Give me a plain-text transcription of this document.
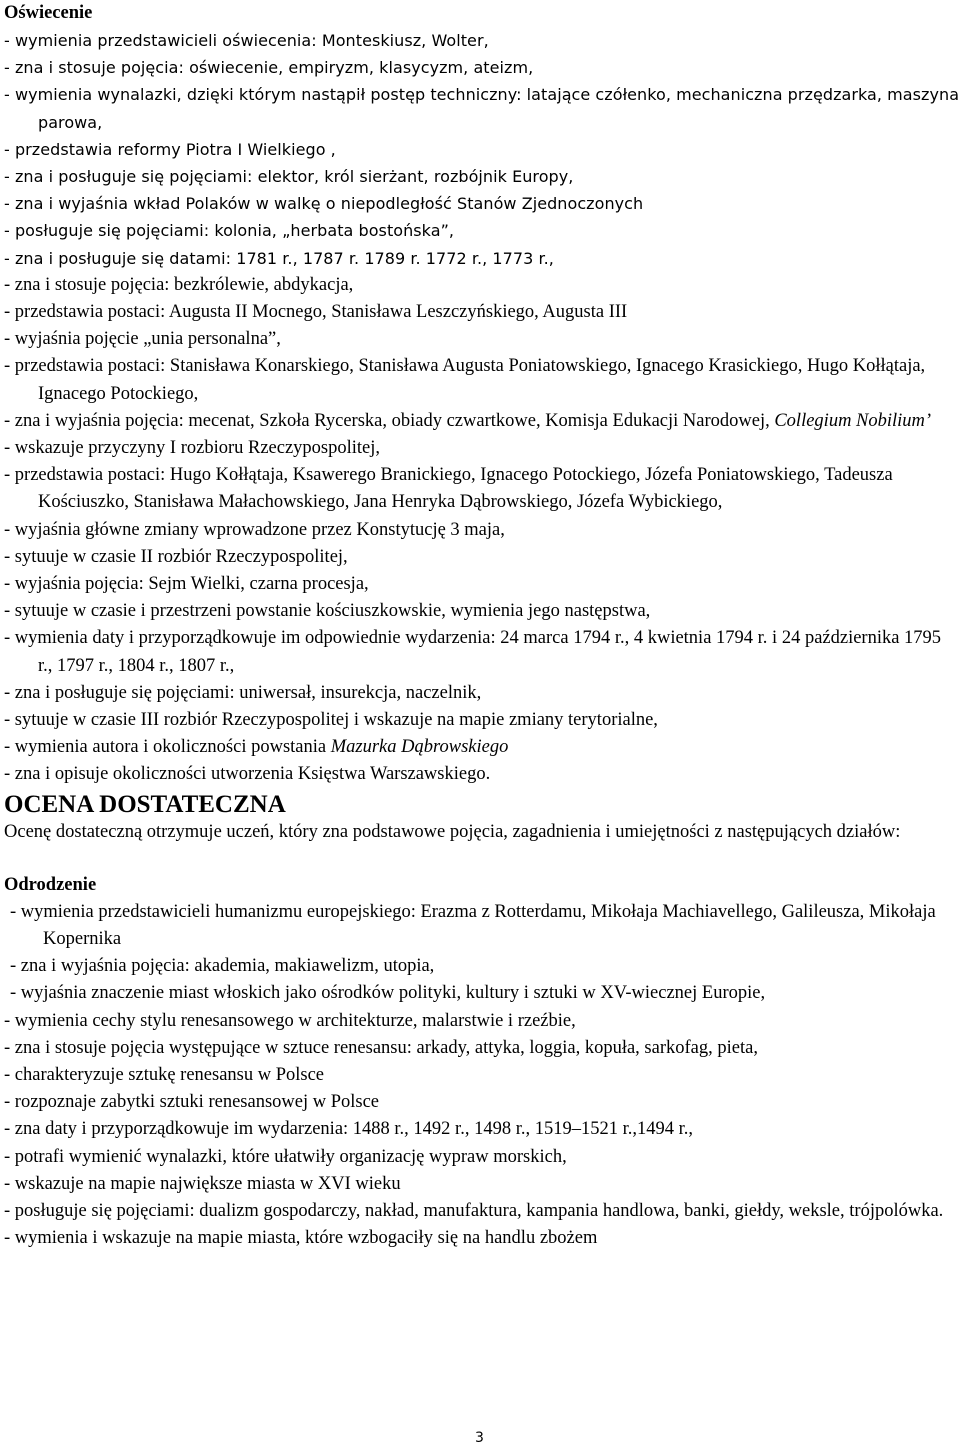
Oświecenie
- wymienia przedstawicieli oświecenia: Monteskiusz, Wolter,
- zna i stosuje pojęcia: oświecenie, empiryzm, klasycyzm, ateizm,
- wymienia wynalazki, dzięki którym nastąpił postęp techniczny: latające czółenko, mechaniczna przędzarka, maszyna parowa,
- przedstawia reformy Piotra I Wielkiego ,
- zna i posługuje się pojęciami: elektor, król sierżant, rozbójnik Europy,
- zna i wyjaśnia wkład Polaków w walkę o niepodległość Stanów Zjednoczonych
- posługuje się pojęciami: kolonia, „herbata bostońska”,
- zna i posługuje się datami: 1781 r., 1787 r. 1789 r. 1772 r., 1773 r.,
- zna i stosuje pojęcia: bezkrólewie, abdykacja,
- przedstawia postaci: Augusta II Mocnego, Stanisława Leszczyńskiego, Augusta III
- wyjaśnia pojęcie „unia personalna”,
- przedstawia postaci: Stanisława Konarskiego, Stanisława Augusta Poniatowskiego, Ignacego Krasickiego, Hugo Kołłątaja, Ignacego Potockiego,
- zna i wyjaśnia pojęcia: mecenat, Szkoła Rycerska, obiady czwartkowe, Komisja Edukacji Narodowej, Collegium Nobilium’
- wskazuje przyczyny I rozbioru Rzeczypospolitej,
- przedstawia postaci: Hugo Kołłątaja, Ksawerego Branickiego, Ignacego Potockiego, Józefa Poniatowskiego, Tadeusza Kościuszko, Stanisława Małachowskiego, Jana Henryka Dąbrowskiego, Józefa Wybickiego,
- wyjaśnia główne zmiany wprowadzone przez Konstytucję 3 maja,
- sytuuje w czasie II rozbiór Rzeczypospolitej,
- wyjaśnia pojęcia: Sejm Wielki, czarna procesja,
- sytuuje w czasie i przestrzeni powstanie kościuszkowskie, wymienia jego następstwa,
- wymienia daty i przyporządkowuje im odpowiednie wydarzenia: 24 marca 1794 r., 4 kwietnia 1794 r. i 24 października 1795 r., 1797 r., 1804 r., 1807 r.,
- zna i posługuje się pojęciami: uniwersał, insurekcja, naczelnik,
- sytuuje w czasie III rozbiór Rzeczypospolitej i wskazuje na mapie zmiany terytorialne,
- wymienia autora i okoliczności powstania Mazurka Dąbrowskiego
- zna i opisuje okoliczności utworzenia Księstwa Warszawskiego.
OCENA DOSTATECZNA

Ocenę dostateczną otrzymuje uczeń, który zna podstawowe pojęcia, zagadnienia i umiejętności z następujących działów:

Odrodzenie
- wymienia przedstawicieli humanizmu europejskiego: Erazma z Rotterdamu, Mikołaja Machiavellego, Galileusza, Mikołaja Kopernika
- zna i wyjaśnia pojęcia: akademia, makiawelizm, utopia,
- wyjaśnia znaczenie miast włoskich jako ośrodków polityki, kultury i sztuki w XV-wiecznej Europie,
- wymienia cechy stylu renesansowego w architekturze, malarstwie i rzeźbie,
- zna i stosuje pojęcia występujące w sztuce renesansu: arkady, attyka, loggia, kopuła, sarkofag, pieta,
- charakteryzuje sztukę renesansu w Polsce
- rozpoznaje zabytki sztuki renesansowej w Polsce
- zna daty i przyporządkowuje im wydarzenia: 1488 r., 1492 r., 1498 r., 1519–1521 r.,1494 r.,
- potrafi wymienić wynalazki, które ułatwiły organizację wypraw morskich,
- wskazuje na mapie największe miasta w XVI wieku
- posługuje się pojęciami: dualizm gospodarczy, nakład, manufaktura, kampania handlowa, banki, giełdy, weksle, trójpolówka.
- wymienia i wskazuje na mapie miasta, które wzbogaciły się na handlu zbożem
3
